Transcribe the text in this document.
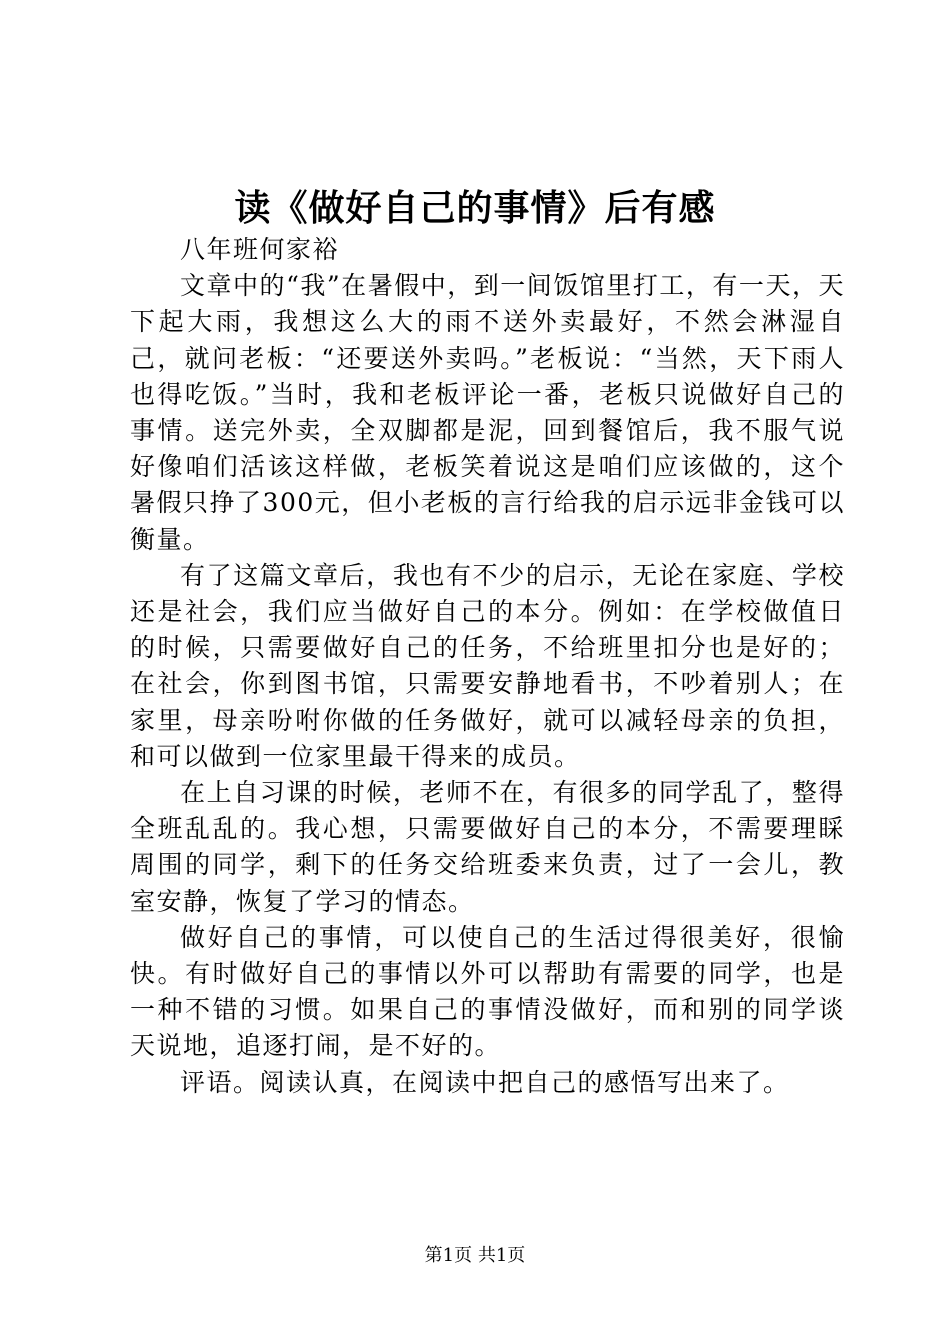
读《做好自己的事情》后有感

八年班何家裕

文章中的“我”在暑假中，到一间饭馆里打工，有一天，天下起大雨，我想这么大的雨不送外卖最好，不然会淋湿自己，就问老板：“还要送外卖吗。”老板说：“当然，天下雨人也得吃饭。”当时，我和老板评论一番，老板只说做好自己的事情。送完外卖，全双脚都是泥，回到餐馆后，我不服气说好像咱们活该这样做，老板笑着说这是咱们应该做的，这个暑假只挣了300元，但小老板的言行给我的启示远非金钱可以衡量。

有了这篇文章后，我也有不少的启示，无论在家庭、学校还是社会，我们应当做好自己的本分。例如：在学校做值日的时候，只需要做好自己的任务，不给班里扣分也是好的；在社会，你到图书馆，只需要安静地看书，不吵着别人；在家里，母亲吩咐你做的任务做好，就可以减轻母亲的负担，和可以做到一位家里最干得来的成员。

在上自习课的时候，老师不在，有很多的同学乱了，整得全班乱乱的。我心想，只需要做好自己的本分，不需要理睬周围的同学，剩下的任务交给班委来负责，过了一会儿，教室安静，恢复了学习的情态。

做好自己的事情，可以使自己的生活过得很美好，很愉快。有时做好自己的事情以外可以帮助有需要的同学，也是一种不错的习惯。如果自己的事情没做好，而和别的同学谈天说地，追逐打闹，是不好的。

评语。阅读认真，在阅读中把自己的感悟写出来了。

第1页 共1页
